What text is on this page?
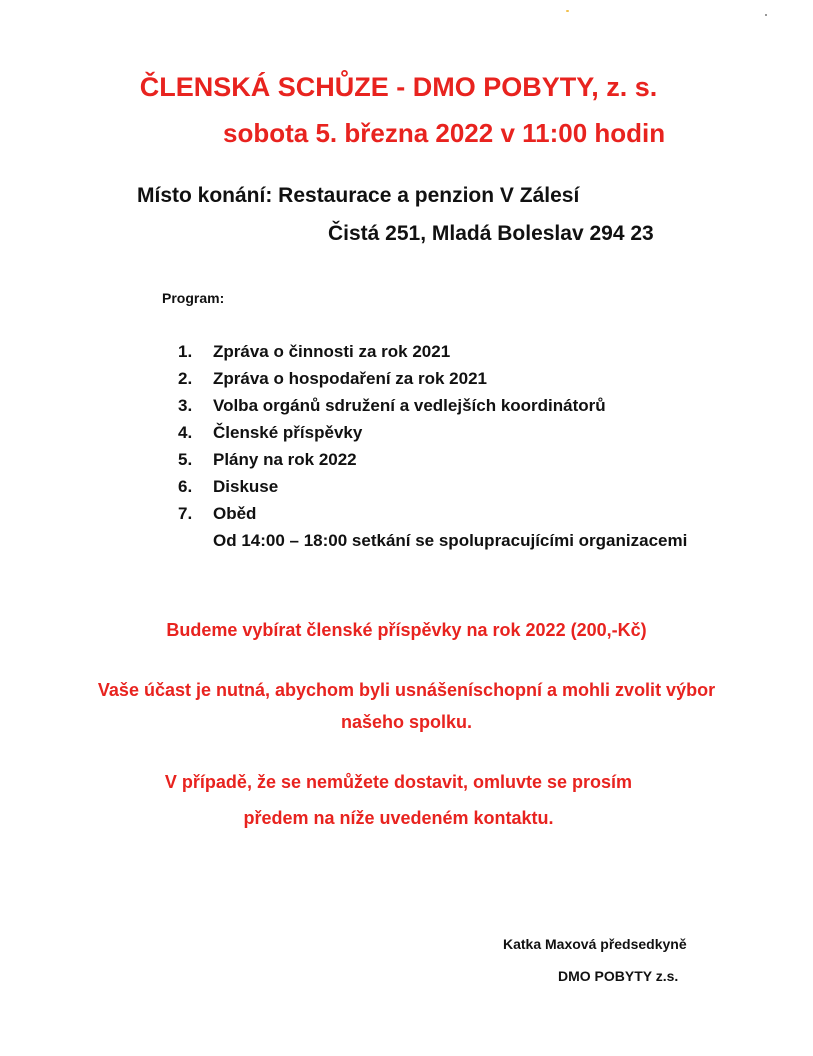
ČLENSKÁ SCHŮZE - DMO POBYTY, z. s.
sobota 5. března 2022 v 11:00 hodin
Místo konání: Restaurace a penzion V Zálesí
Čistá 251, Mladá Boleslav 294 23
Program:
1. Zpráva o činnosti za rok 2021
2. Zpráva o hospodaření za rok 2021
3. Volba orgánů sdružení a vedlejších koordinátorů
4. Členské příspěvky
5. Plány na rok 2022
6. Diskuse
7. Oběd
Od 14:00 – 18:00 setkání se spolupracujícími organizacemi
Budeme vybírat členské příspěvky na rok 2022 (200,-Kč)
Vaše účast je nutná, abychom byli usnášeníschopní a mohli zvolit výbor
našeho spolku.
V případě, že se nemůžete dostavit, omluvte se prosím
předem na níže uvedeném kontaktu.
Katka Maxová předsedkyně
DMO POBYTY z.s.
